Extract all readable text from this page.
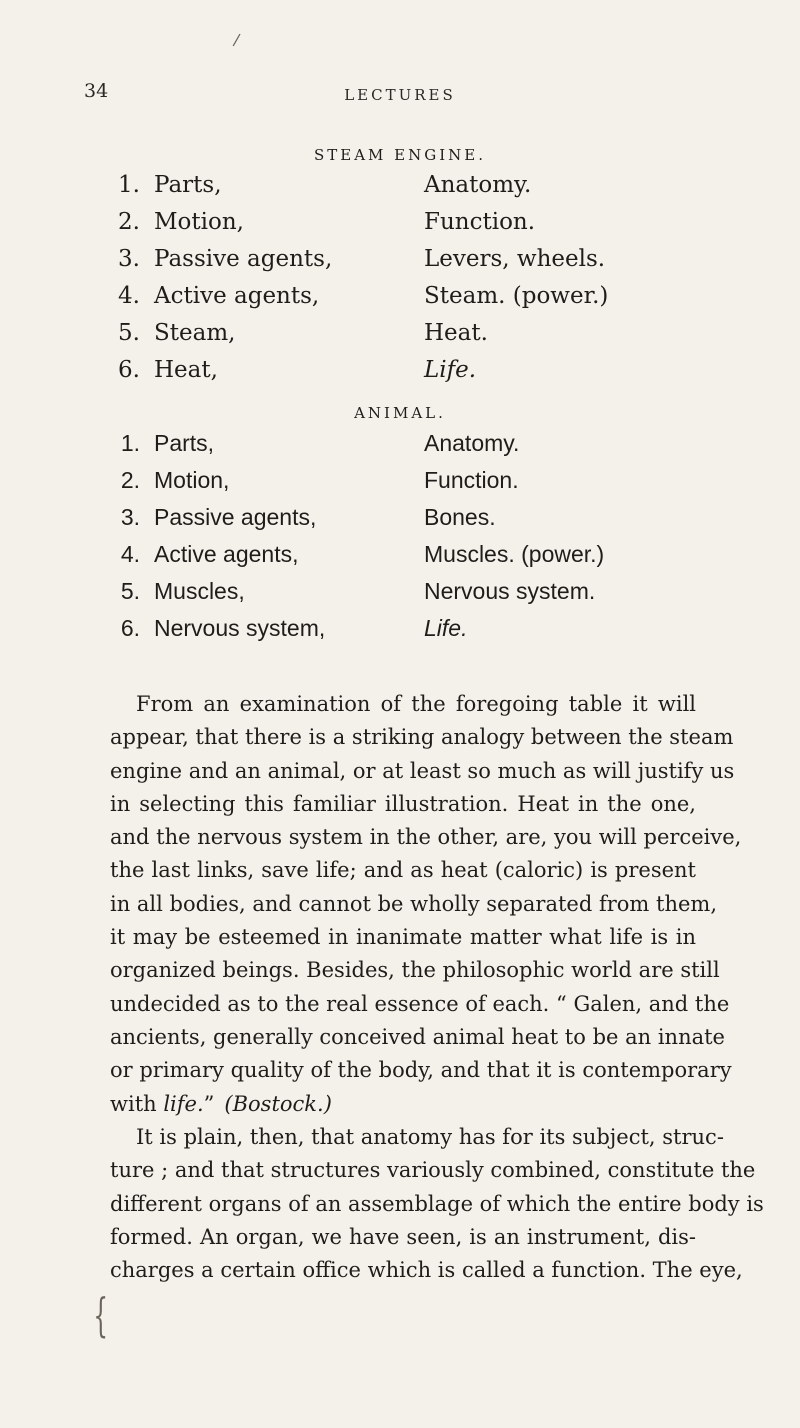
/
34	LECTURES
STEAM ENGINE.
1. Parts,	Anatomy.
2. Motion,	Function.
3. Passive agents,	Levers, wheels.
4. Active agents,	Steam. (power.)
5. Steam,	Heat.
6. Heat,	Life.
ANIMAL.
1. Parts,	Anatomy.
2. Motion,	Function.
3. Passive agents,	Bones.
4. Active agents,	Muscles. (power.)
5. Muscles,	Nervous system.
6. Nervous system,	Life.
From an examination of the foregoing table it will
appear, that there is a striking analogy between the steam
engine and an animal, or at least so much as will justify us
in selecting this familiar illustration. Heat in the one,
and the nervous system in the other, are, you will perceive,
the last links, save life; and as heat (caloric) is present
in all bodies, and cannot be wholly separated from them,
it may be esteemed in inanimate matter what life is in
organized beings. Besides, the philosophic world are still
undecided as to the real essence of each. “ Galen, and the
ancients, generally conceived animal heat to be an innate
or primary quality of the body, and that it is contemporary
with life.” (Bostock.)
It is plain, then, that anatomy has for its subject, struc-
ture ; and that structures variously combined, constitute the
different organs of an assemblage of which the entire body is
formed. An organ, we have seen, is an instrument, dis-
charges a certain office which is called a function. The eye,
{
